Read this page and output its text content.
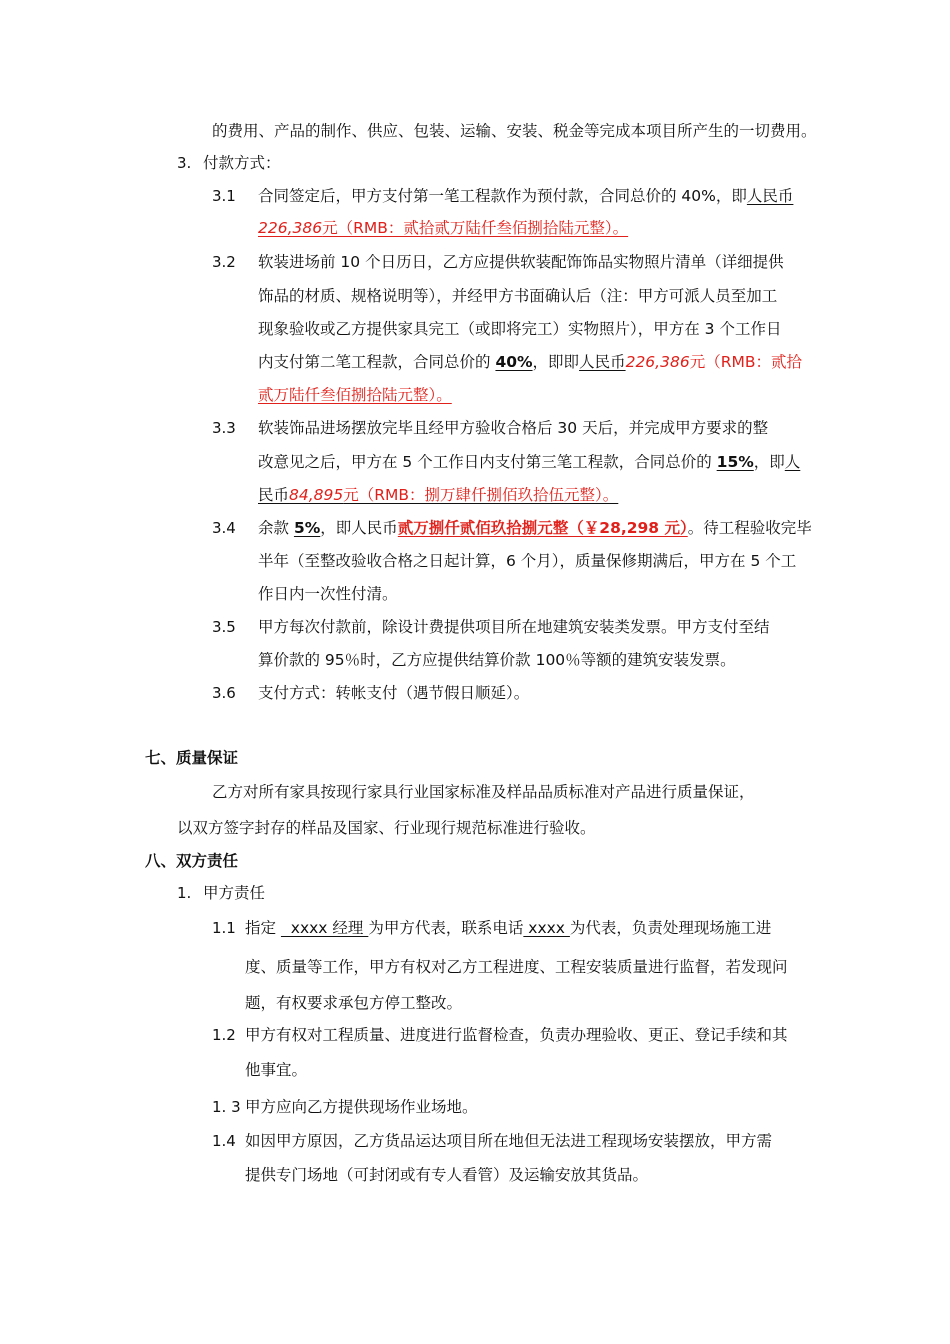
的费用、产品的制作、供应、包装、运输、安装、税金等完成本项目所产生的一切费用。
3. 付款方式：
3.1 合同签定后，甲方支付第一笔工程款作为预付款，合同总价的 40%，即人民币
226,386元（RMB：贰拾贰万陆仟叁佰捌拾陆元整）。
3.2 软装进场前 10 个日历日，乙方应提供软装配饰饰品实物照片清单（详细提供
饰品的材质、规格说明等），并经甲方书面确认后（注：甲方可派人员至加工
现象验收或乙方提供家具完工（或即将完工）实物照片），甲方在 3 个工作日
内支付第二笔工程款，合同总价的 40%，即即人民币226,386元（RMB：贰拾
贰万陆仟叁佰捌拾陆元整）。
3.3 软装饰品进场摆放完毕且经甲方验收合格后 30 天后，并完成甲方要求的整
改意见之后，甲方在 5 个工作日内支付第三笔工程款，合同总价的 15%，即人
民币84,895元（RMB：捌万肆仟捌佰玖拾伍元整）。
3.4 余款 5%，即人民币贰万捌仟贰佰玖拾捌元整（￥28,298 元）。待工程验收完毕
半年（至整改验收合格之日起计算，6 个月），质量保修期满后，甲方在 5 个工
作日内一次性付清。
3.5 甲方每次付款前，除设计费提供项目所在地建筑安装类发票。甲方支付至结
算价款的 95％时，乙方应提供结算价款 100％等额的建筑安装发票。
3.6 支付方式：转帐支付（遇节假日顺延）。
七、质量保证
乙方对所有家具按现行家具行业国家标准及样品品质标准对产品进行质量保证，
以双方签字封存的样品及国家、行业现行规范标准进行验收。
八、双方责任
1. 甲方责任
1.1 指定   xxxx 经理 为甲方代表，联系电话 xxxx 为代表，负责处理现场施工进
度、质量等工作，甲方有权对乙方工程进度、工程安装质量进行监督，若发现问
题，有权要求承包方停工整改。
1.2 甲方有权对工程质量、进度进行监督检查，负责办理验收、更正、登记手续和其
他事宜。
1. 3 甲方应向乙方提供现场作业场地。
1.4 如因甲方原因，乙方货品运达项目所在地但无法进工程现场安装摆放，甲方需
提供专门场地（可封闭或有专人看管）及运输安放其货品。
